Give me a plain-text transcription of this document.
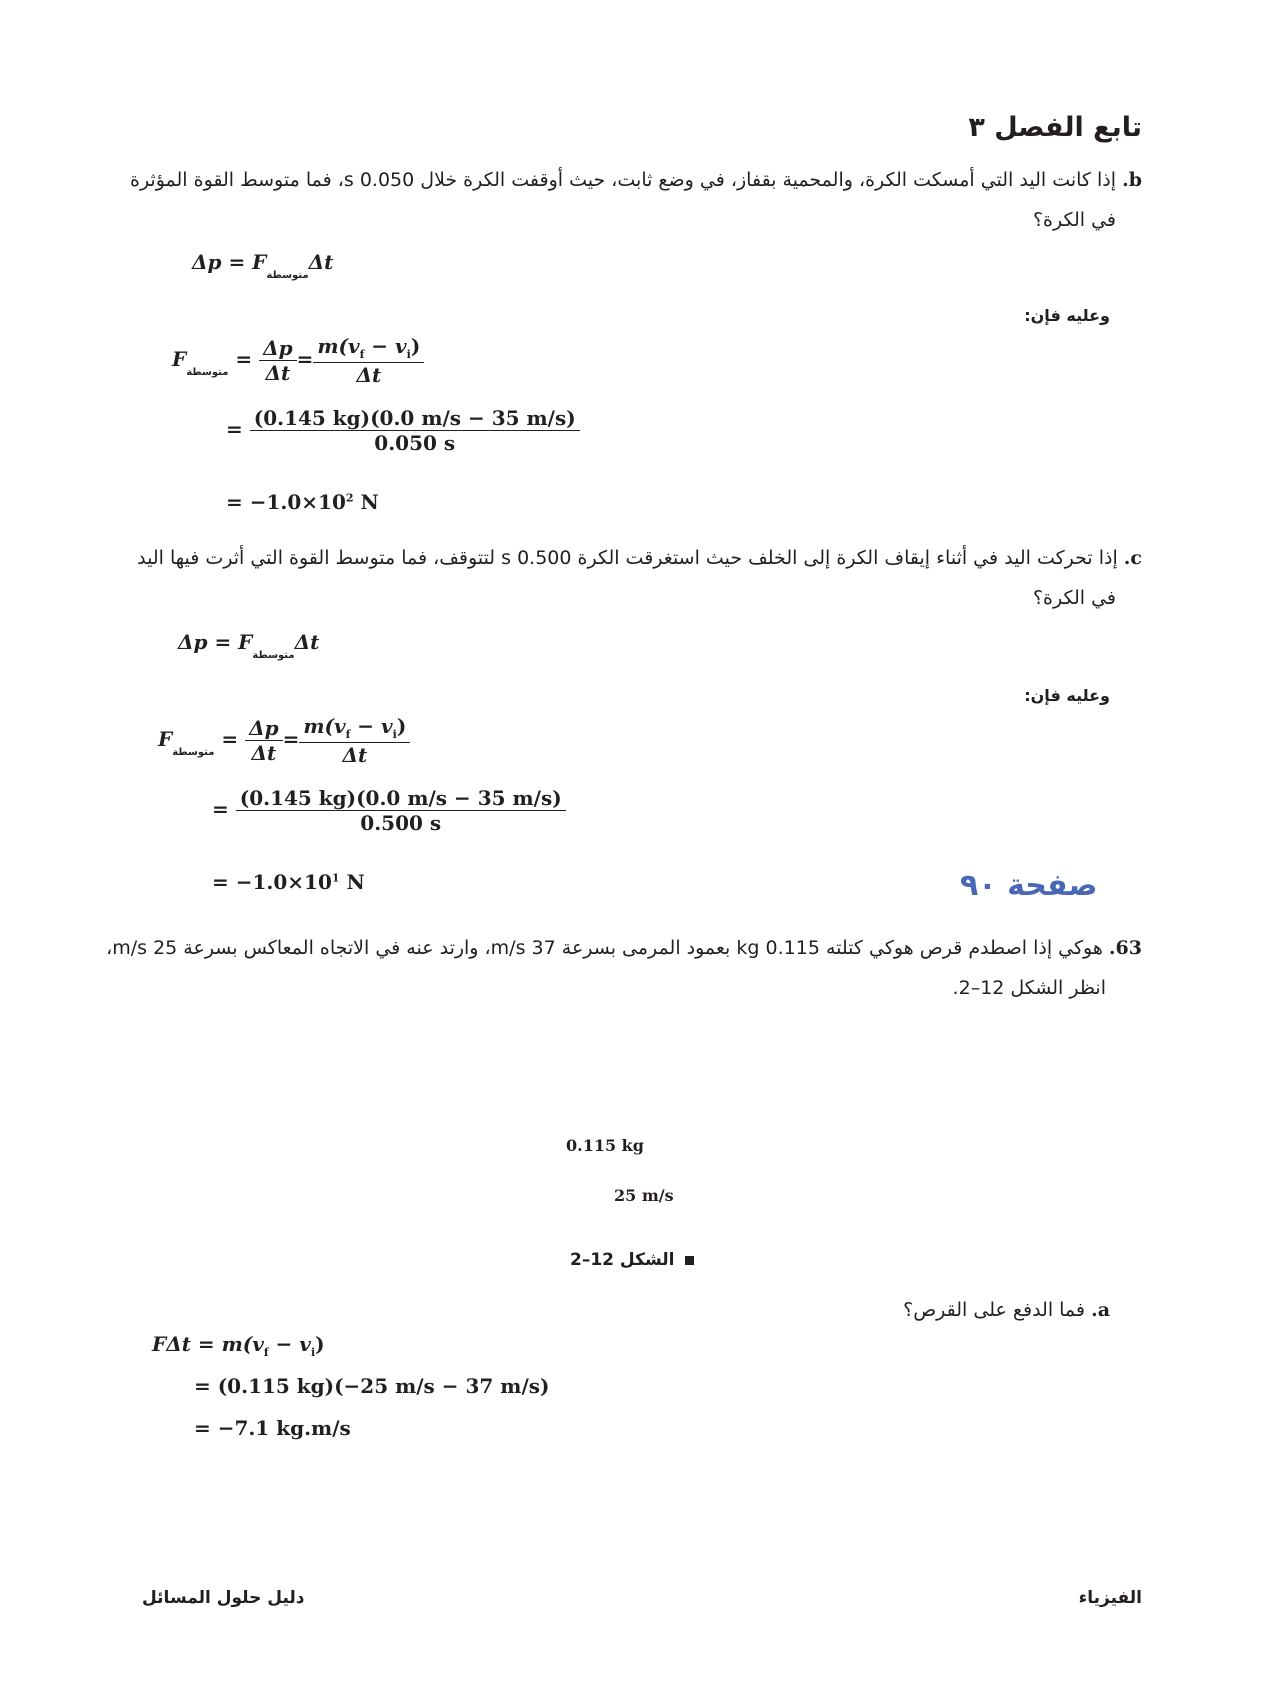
تابع الفصل ٣
b. إذا كانت اليد التي أمسكت الكرة، والمحمية بقفاز، في وضع ثابت، حيث أوقفت الكرة خلال 0.050 s، فما متوسط القوة المؤثرة
في الكرة؟
$\Delta p = F_{متوسطة}\Delta t$
وعليه فإن:
$F_{متوسطة} = \frac{\Delta p}{\Delta t} = \frac{m(v_f - v_i)}{\Delta t}$
= $\frac{(0.145 kg)(0.0 m/s - 35 m/s)}{0.050 s}$
= $-1.0\times 10^2$ N
c. إذا تحركت اليد في أثناء إيقاف الكرة إلى الخلف حيث استغرقت الكرة 0.500 s لتتوقف، فما متوسط القوة التي أثرت فيها اليد
في الكرة؟
$\Delta p = F_{متوسطة}\Delta t$
وعليه فإن:
$F_{متوسطة} = \frac{\Delta p}{\Delta t} = \frac{m(v_f - v_i)}{\Delta t}$
= $\frac{(0.145 kg)(0.0 m/s - 35 m/s)}{0.500 s}$
= $-1.0\times 10^1$ N	صفحة ٩٠
63. هوكي إذا اصطدم قرص هوكي كتلته 0.115 kg بعمود المرمى بسرعة 37 m/s، وارتد عنه في الاتجاه المعاكس بسرعة 25 m/s،
انظر الشكل 12–2.
0.115 kg
25 m/s
الشكل 12–2
a. فما الدفع على القرص؟
$F\Delta t = m(v_f - v_i)$
= (0.115 kg)(−25 m/s − 37 m/s)
= −7.1 kg.m/s
الفيزياء
دليل حلول المسائل
